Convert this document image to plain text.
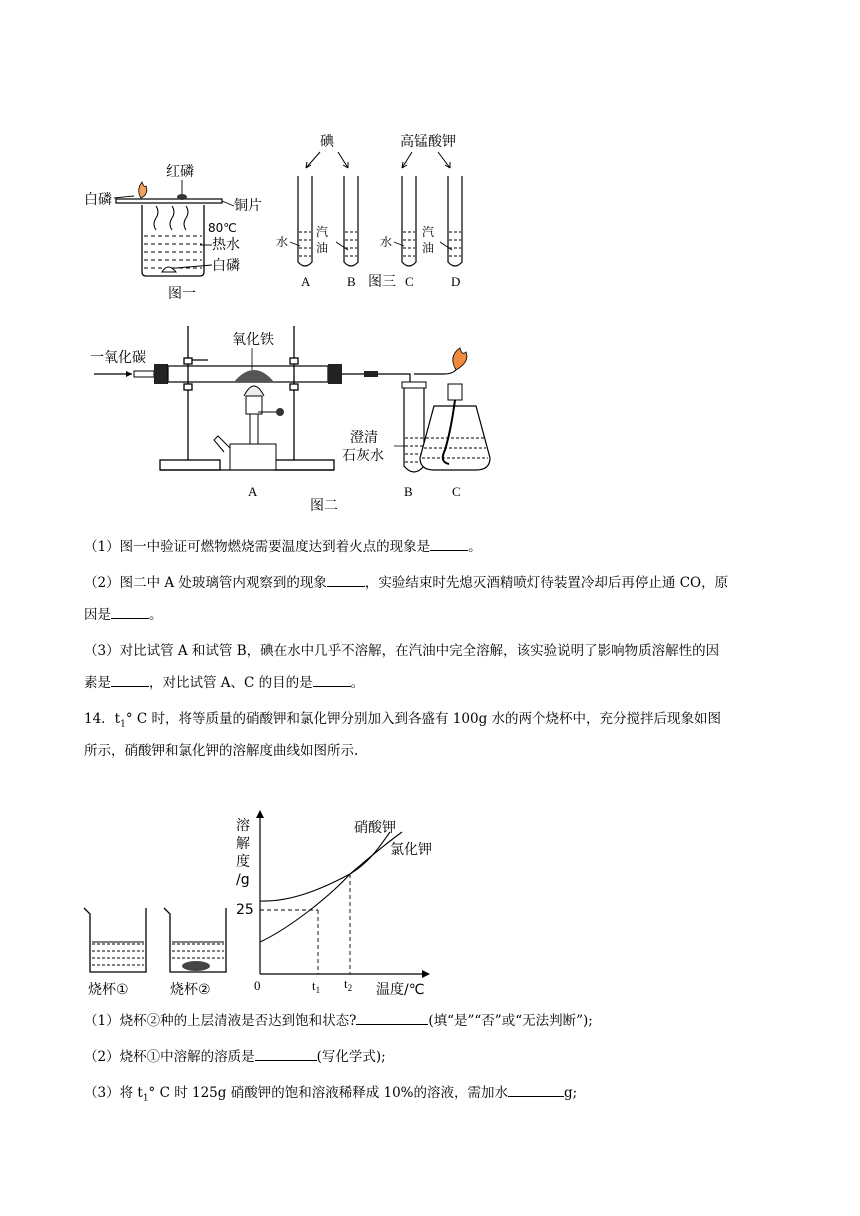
红磷
白磷	铜片
80℃
热水
白磷
图一
碘	高锰酸钾
水
汽
油	水
汽
油
A	B 图三 C	D
一氧化碳
氧化铁
澄清
石灰水
A
图二
B	C
（1）图一中验证可燃物燃烧需要温度达到着火点的现象是	。
（2）图二中 A 处玻璃管内观察到的现象	，实验结束时先熄灭酒精喷灯待装置冷却后再停止通 CO，原
因是	。
（3）对比试管 A 和试管 B，碘在水中几乎不溶解，在汽油中完全溶解，该实验说明了影响物质溶解性的因
素是	，对比试管 A、C 的目的是	。
14．$t_1^\circ$ C 时，将等质量的硝酸钾和氯化钾分别加入到各盛有 100g 水的两个烧杯中，充分搅拌后现象如图
所示，硝酸钾和氯化钾的溶解度曲线如图所示.
烧杯①	烧杯②
溶
解
度
/g
25
0	$t_1$ $t_2$ 温度/℃
硝酸钾
氯化钾
（1）烧杯②种的上层清液是否达到饱和状态?	(填“是”“否”或“无法判断”);
（2）烧杯①中溶解的溶质是	(写化学式);
（3）将 $t_1^\circ$ C 时 125g 硝酸钾的饱和溶液稀释成 10%的溶液，需加水	g;
